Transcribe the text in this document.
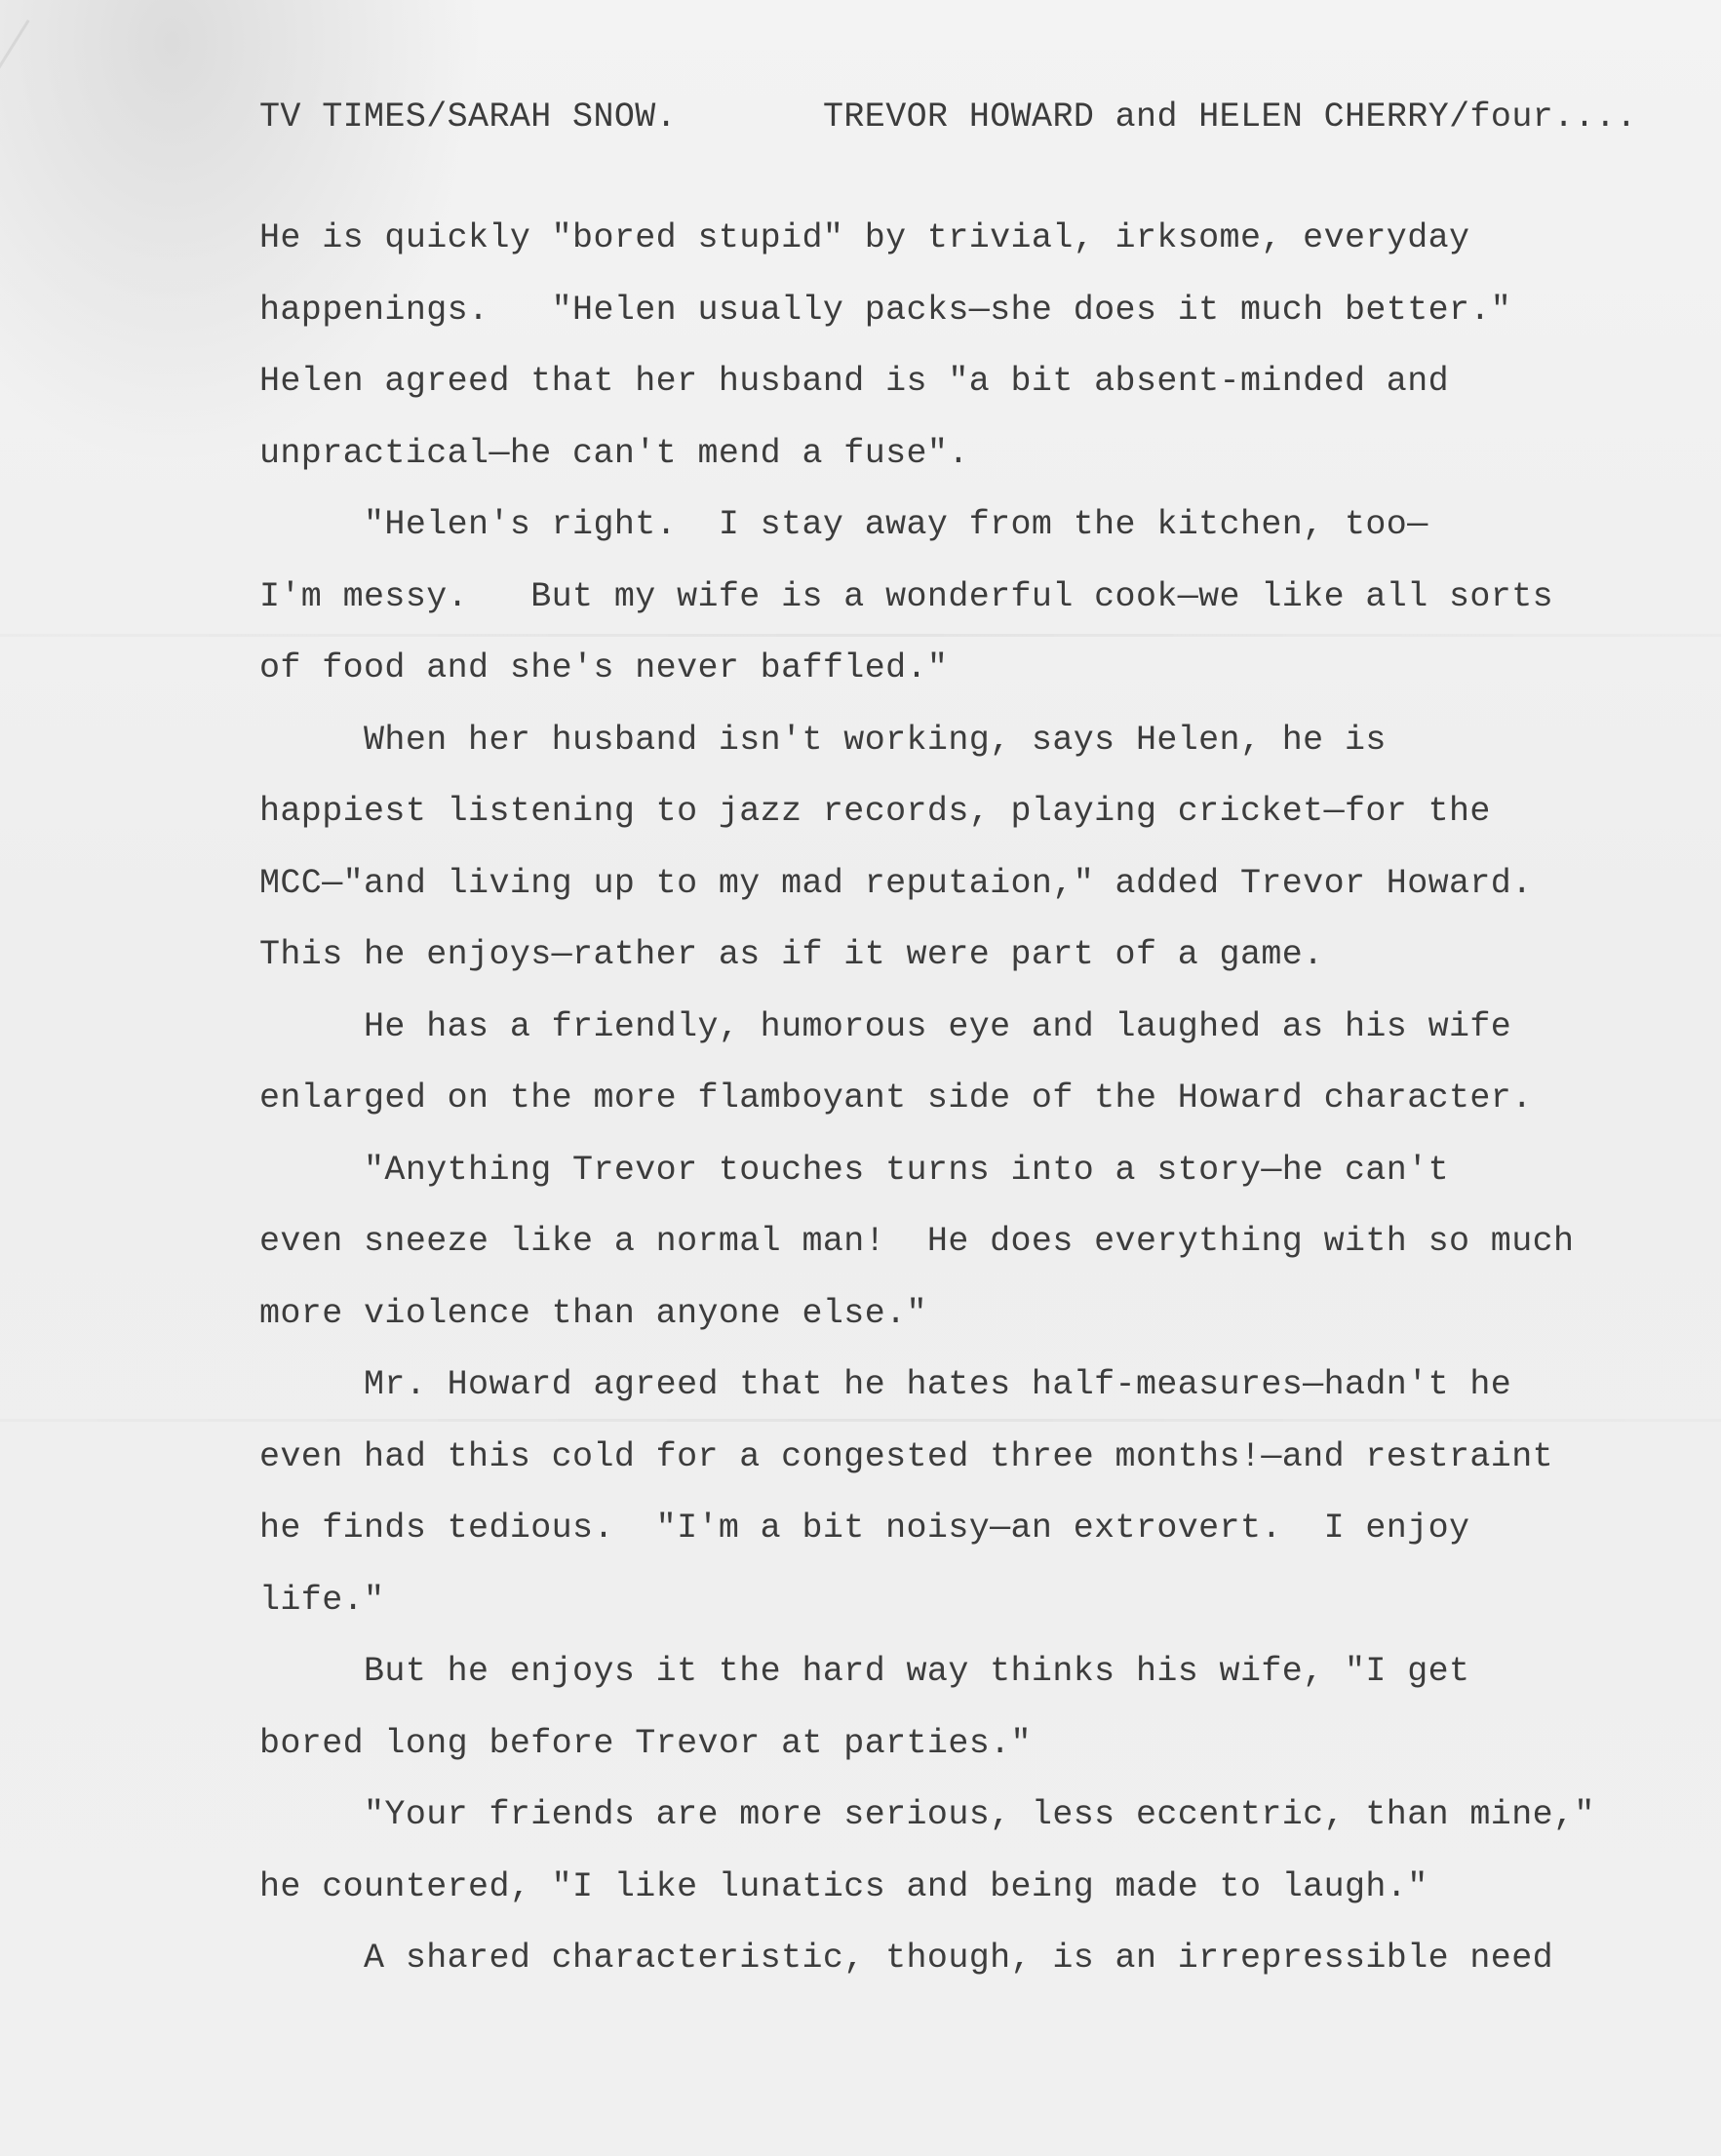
TV TIMES/SARAH SNOW.	TREVOR HOWARD and HELEN CHERRY/four....
He is quickly "bored stupid" by trivial, irksome, everyday
happenings.   "Helen usually packs—she does it much better."
Helen agreed that her husband is "a bit absent-minded and
unpractical—he can't mend a fuse".
"Helen's right.  I stay away from the kitchen, too—
I'm messy.   But my wife is a wonderful cook—we like all sorts
of food and she's never baffled."
When her husband isn't working, says Helen, he is
happiest listening to jazz records, playing cricket—for the
MCC—"and living up to my mad reputaion," added Trevor Howard.
This he enjoys—rather as if it were part of a game.
He has a friendly, humorous eye and laughed as his wife
enlarged on the more flamboyant side of the Howard character.
"Anything Trevor touches turns into a story—he can't
even sneeze like a normal man!  He does everything with so much
more violence than anyone else."
Mr. Howard agreed that he hates half-measures—hadn't he
even had this cold for a congested three months!—and restraint
he finds tedious.  "I'm a bit noisy—an extrovert.  I enjoy
life."
But he enjoys it the hard way thinks his wife, "I get
bored long before Trevor at parties."
"Your friends are more serious, less eccentric, than mine,"
he countered, "I like lunatics and being made to laugh."
A shared characteristic, though, is an irrepressible need
